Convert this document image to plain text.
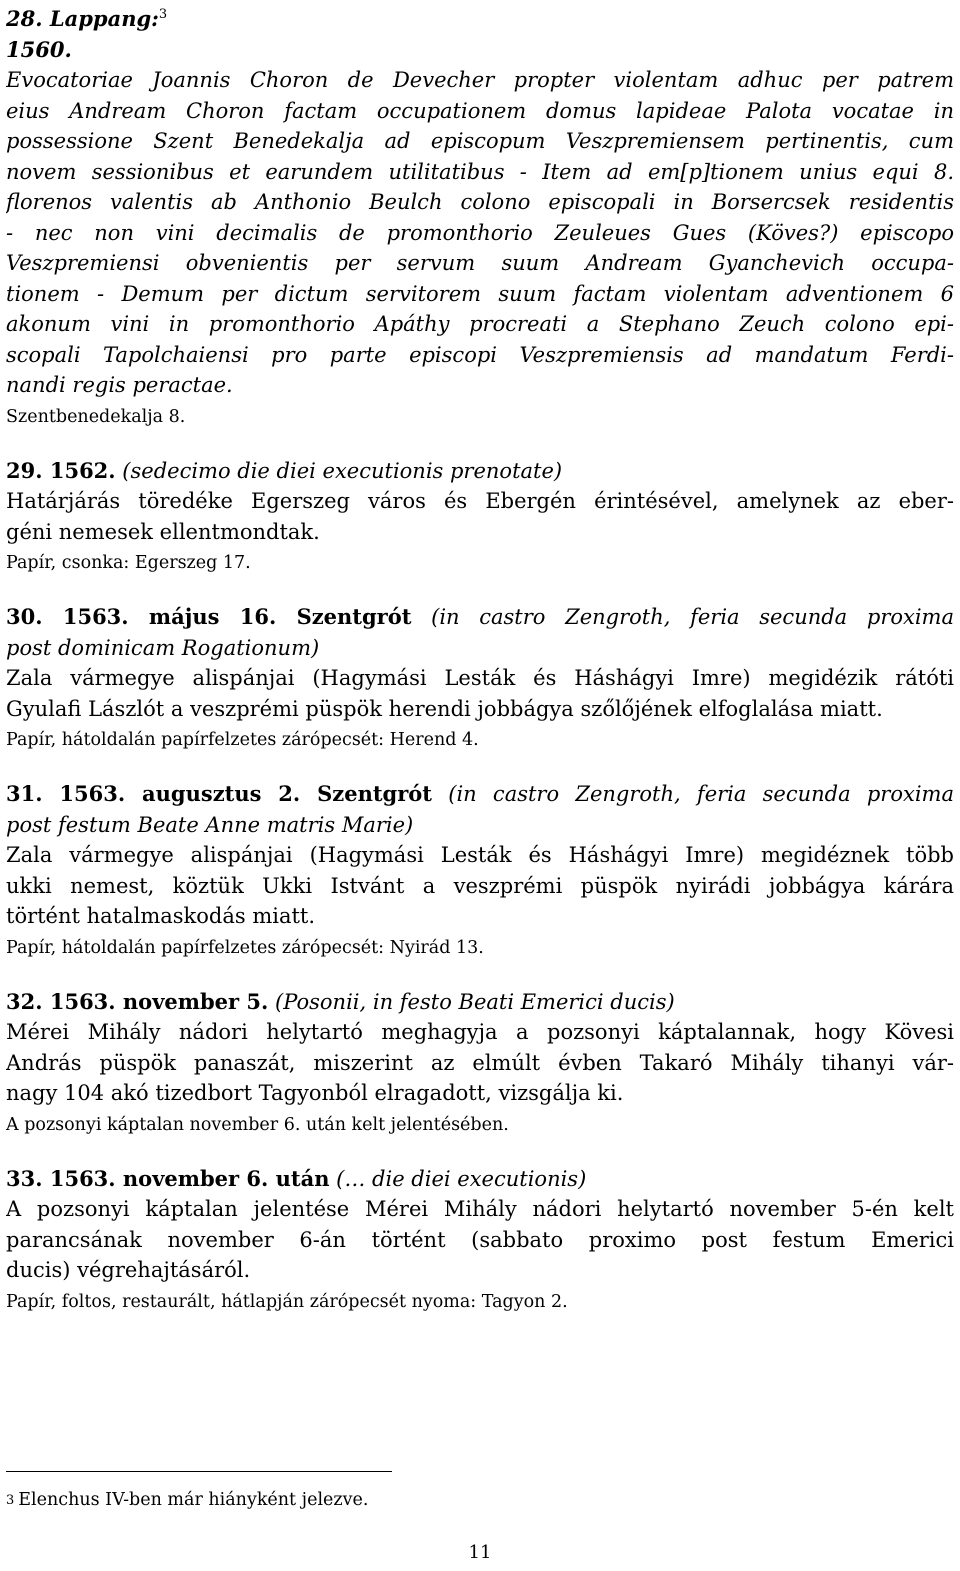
28. Lappang:$^3$
1560.
Evocatoriae Joannis Choron de Devecher propter violentam adhuc per patrem
eius Andream Choron factam occupationem domus lapideae Palota vocatae in
possessione Szent Benedekalja ad episcopum Veszpremiensem pertinentis, cum
novem sessionibus et earundem utilitatibus - Item ad em[p]tionem unius equi 8.
florenos valentis ab Anthonio Beulch colono episcopali in Borsercsek residentis
- nec non vini decimalis de promonthorio Zeuleues Gues (Köves?) episcopo
Veszpremiensi obvenientis per servum suum Andream Gyanchevich occupa-
tionem - Demum per dictum servitorem suum factam violentam adventionem 6
akonum vini in promonthorio Apáthy procreati a Stephano Zeuch colono epi-
scopali Tapolchaiensi pro parte episcopi Veszpremiensis ad mandatum Ferdi-
nandi regis peractae.
Szentbenedekalja 8.
29. 1562. (sedecimo die diei executionis prenotate)
Határjárás töredéke Egerszeg város és Ebergén érintésével, amelynek az eber-
géni nemesek ellentmondtak.
Papír, csonka: Egerszeg 17.
30. 1563. május 16. Szentgrót (in castro Zengroth, feria secunda proxima
post dominicam Rogationum)
Zala vármegye alispánjai (Hagymási Lesták és Háshágyi Imre) megidézik rátóti
Gyulafi Lászlót a veszprémi püspök herendi jobbágya szőlőjének elfoglalása miatt.
Papír, hátoldalán papírfelzetes zárópecsét: Herend 4.
31. 1563. augusztus 2. Szentgrót (in castro Zengroth, feria secunda proxima
post festum Beate Anne matris Marie)
Zala vármegye alispánjai (Hagymási Lesták és Háshágyi Imre) megidéznek több
ukki nemest, köztük Ukki Istvánt a veszprémi püspök nyirádi jobbágya kárára
történt hatalmaskodás miatt.
Papír, hátoldalán papírfelzetes zárópecsét: Nyirád 13.
32. 1563. november 5. (Posonii, in festo Beati Emerici ducis)
Mérei Mihály nádori helytartó meghagyja a pozsonyi káptalannak, hogy Kövesi
András püspök panaszát, miszerint az elmúlt évben Takaró Mihály tihanyi vár-
nagy 104 akó tizedbort Tagyonból elragadott, vizsgálja ki.
A pozsonyi káptalan november 6. után kelt jelentésében.
33. 1563. november 6. után (… die diei executionis)
A pozsonyi káptalan jelentése Mérei Mihály nádori helytartó november 5-én kelt
parancsának november 6-án történt (sabbato proximo post festum Emerici
ducis) végrehajtásáról.
Papír, foltos, restaurált, hátlapján zárópecsét nyoma: Tagyon 2.
3 Elenchus IV-ben már hiányként jelezve.
11
